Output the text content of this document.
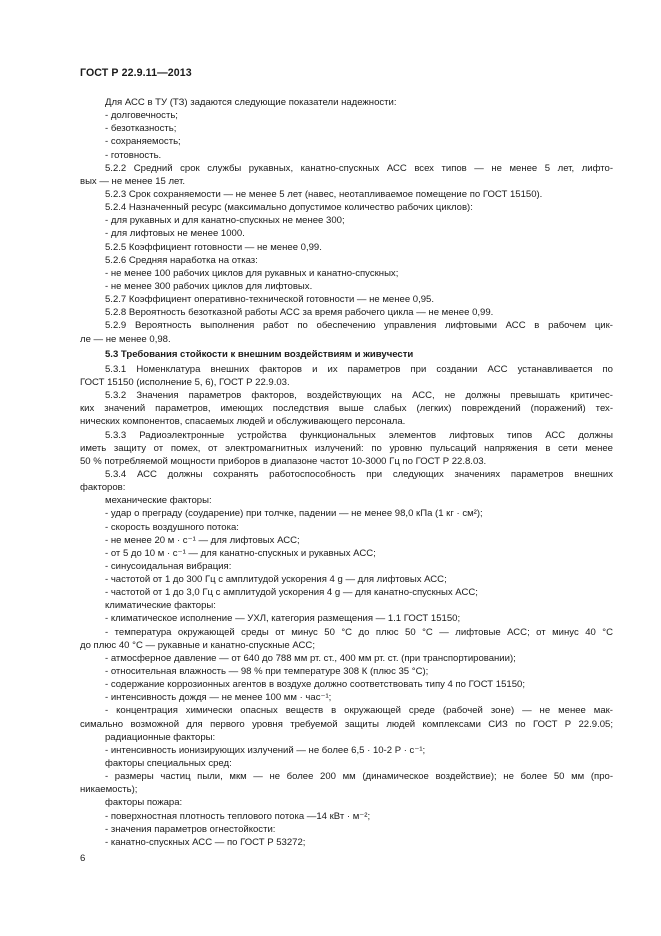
ГОСТ Р 22.9.11—2013
Для АСС в ТУ (ТЗ) задаются следующие показатели надежности:
- долговечность;
- безотказность;
- сохраняемость;
- готовность.
5.2.2 Средний срок службы рукавных, канатно-спускных АСС всех типов — не менее 5 лет, лифто-
вых — не менее 15 лет.
5.2.3 Срок сохраняемости — не менее 5 лет (навес, неотапливаемое помещение по ГОСТ 15150).
5.2.4 Назначенный ресурс (максимально допустимое количество рабочих циклов):
- для рукавных и для канатно-спускных не менее 300;
- для лифтовых не менее 1000.
5.2.5 Коэффициент готовности — не менее 0,99.
5.2.6 Средняя наработка на отказ:
- не менее 100 рабочих циклов для рукавных и канатно-спускных;
- не менее 300 рабочих циклов для лифтовых.
5.2.7 Коэффициент оперативно-технической готовности — не менее 0,95.
5.2.8 Вероятность безотказной работы АСС за время рабочего цикла — не менее 0,99.
5.2.9 Вероятность выполнения работ по обеспечению управления лифтовыми АСС в рабочем цик-
ле — не менее 0,98.
5.3 Требования стойкости к внешним воздействиям и живучести
5.3.1 Номенклатура внешних факторов и их параметров при создании АСС устанавливается по
ГОСТ 15150 (исполнение 5, 6), ГОСТ Р 22.9.03.
5.3.2 Значения параметров факторов, воздействующих на АСС, не должны превышать критичес-
ких значений параметров, имеющих последствия выше слабых (легких) повреждений (поражений) тех-
нических компонентов, спасаемых людей и обслуживающего персонала.
5.3.3 Радиоэлектронные устройства функциональных элементов лифтовых типов АСС должны
иметь защиту от помех, от электромагнитных излучений: по уровню пульсаций напряжения в сети менее
50 % потребляемой мощности приборов в диапазоне частот 10-3000 Гц по ГОСТ Р 22.8.03.
5.3.4 АСС должны сохранять работоспособность при следующих значениях параметров внешних
факторов:
механические факторы:
- удар о преграду (соударение) при толчке, падении — не менее 98,0 кПа (1 кг · см²);
- скорость воздушного потока:
- не менее 20 м · с⁻¹ — для лифтовых АСС;
- от 5 до 10 м · с⁻¹ — для канатно-спускных и рукавных АСС;
- синусоидальная вибрация:
- частотой от 1 до 300 Гц с амплитудой ускорения 4 g — для лифтовых АСС;
- частотой от 1 до 3,0 Гц с амплитудой ускорения 4 g — для канатно-спускных АСС;
климатические факторы:
- климатическое исполнение — УХЛ, категория размещения — 1.1 ГОСТ 15150;
- температура окружающей среды от минус 50 °С до плюс 50 °С — лифтовые АСС; от минус 40 °С
до плюс 40 °С — рукавные и канатно-спускные АСС;
- атмосферное давление — от 640 до 788 мм рт. ст., 400 мм рт. ст. (при транспортировании);
- относительная влажность — 98 % при температуре 308 К (плюс 35 °С);
- содержание коррозионных агентов в воздухе должно соответствовать типу 4 по ГОСТ 15150;
- интенсивность дождя — не менее 100 мм · час⁻¹;
- концентрация химически опасных веществ в окружающей среде (рабочей зоне) — не менее мак-
симально возможной для первого уровня требуемой защиты людей комплексами СИЗ по ГОСТ Р 22.9.05;
радиационные факторы:
- интенсивность ионизирующих излучений — не более 6,5 · 10-2 Р · с⁻¹;
факторы специальных сред:
- размеры частиц пыли, мкм — не более 200 мм (динамическое воздействие); не более 50 мм (про-
никаемость);
факторы пожара:
- поверхностная плотность теплового потока —14 кВт · м⁻²;
- значения параметров огнестойкости:
- канатно-спускных АСС — по ГОСТ Р 53272;
6
